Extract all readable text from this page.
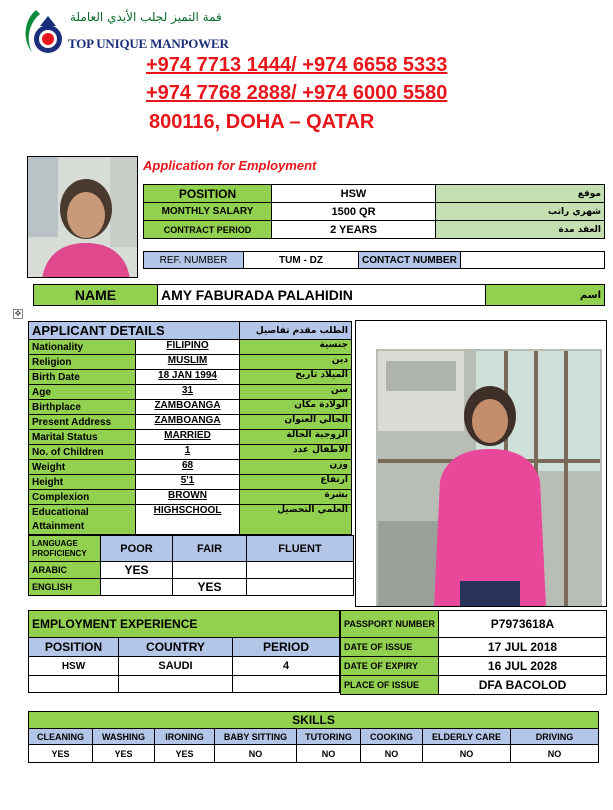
قمة التميز لجلب الأيدي العاملة
TOP UNIQUE MANPOWER
+974 7713 1444/ +974 6658 5333
+974 7768 2888/ +974 6000 5580
800116, DOHA – QATAR
Application for Employment
POSITION	HSW	موقع
MONTHLY SALARY	1500 QR	شهري راتب
CONTRACT PERIOD	2 YEARS	العقد مدة
REF. NUMBER	TUM - DZ	CONTACT NUMBER	
NAME	AMY FABURADA PALAHIDIN	اسم
✥
APPLICANT DETAILS		الطلب مقدم تفاصيل
Nationality	FILIPINO	جنسية
Religion	MUSLIM	دين
Birth Date	18 JAN 1994	الميلاد تاريخ
Age	31	سن
Birthplace	ZAMBOANGA	الولادة مكان
Present Address	ZAMBOANGA	الحالي العنوان
Marital Status	MARRIED	الزوجية الحالة
No. of Children	1	الاطفال عدد
Weight	68	وزن
Height	5'1	ارتفاع
Complexion	BROWN	بشرة
Educational Attainment	HIGHSCHOOL	العلمي التحصيل
LANGUAGE PROFICIENCY	POOR	FAIR	FLUENT
ARABIC	YES		
ENGLISH		YES	
EMPLOYMENT EXPERIENCE		
POSITION	COUNTRY	PERIOD
HSW	SAUDI	4

PASSPORT NUMBER	P7973618A
DATE OF ISSUE	17 JUL 2018
DATE OF EXPIRY	16 JUL 2028
PLACE OF ISSUE	DFA BACOLOD
SKILLS							
CLEANING	WASHING	IRONING	BABY SITTING	TUTORING	COOKING	ELDERLY CARE	DRIVING
YES	YES	YES	NO	NO	NO	NO	NO
